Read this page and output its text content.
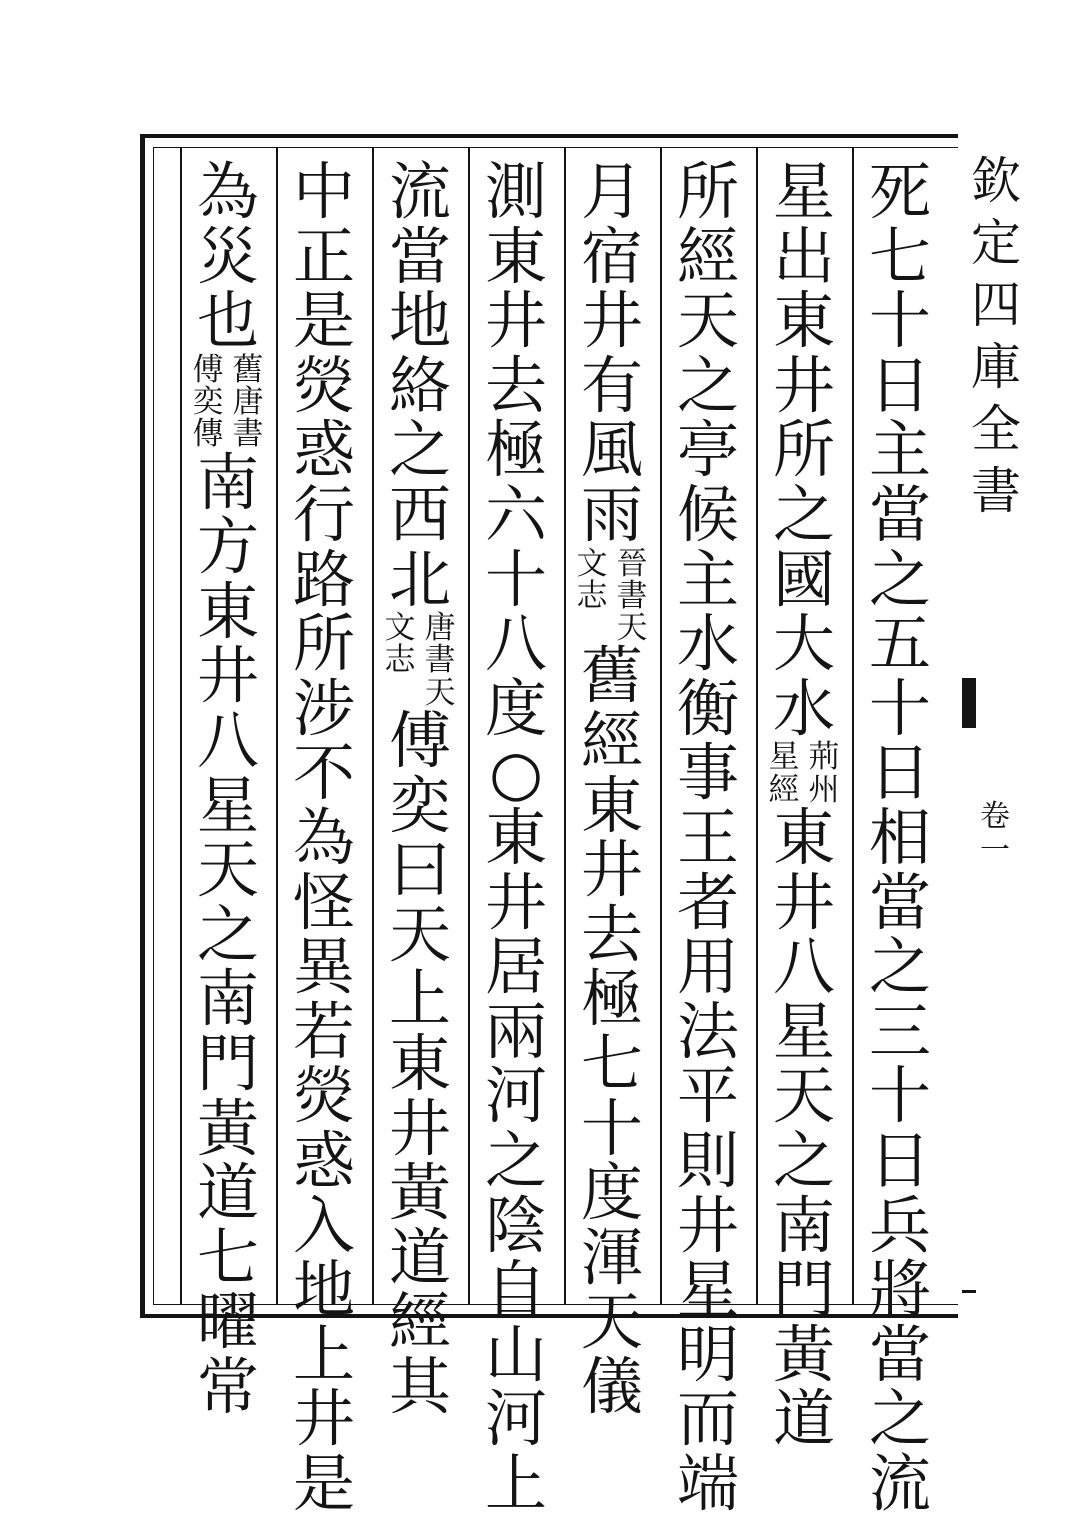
死
七
十
日
主
當
之
五
十
日
相
當
之
三
十
日
兵
將
當
之
流
星
出
東
井
所
之
國
大
水
荊
州
星
經
東
井
八
星
天
之
南
門
黃
道
所
經
天
之
亭
候
主
水
衡
事
王
者
用
法
平
則
井
星
明
而
端
月
宿
井
有
風
雨
晉
書
天
文
志
舊
經
東
井
去
極
七
十
度
渾
天
儀
測
東
井
去
極
六
十
八
度
○
東
井
居
兩
河
之
陰
自
山
河
上
流
當
地
絡
之
西
北
唐
書
天
文
志
傅
奕
曰
天
上
東
井
黃
道
經
其
中
正
是
熒
惑
行
路
所
涉
不
為
怪
異
若
熒
惑
入
地
上
井
是
為
災
也
舊
唐
書
傅
奕
傳
南
方
東
井
八
星
天
之
南
門
黃
道
七
曜
常
欽
定
四
庫
全
書
卷
一
